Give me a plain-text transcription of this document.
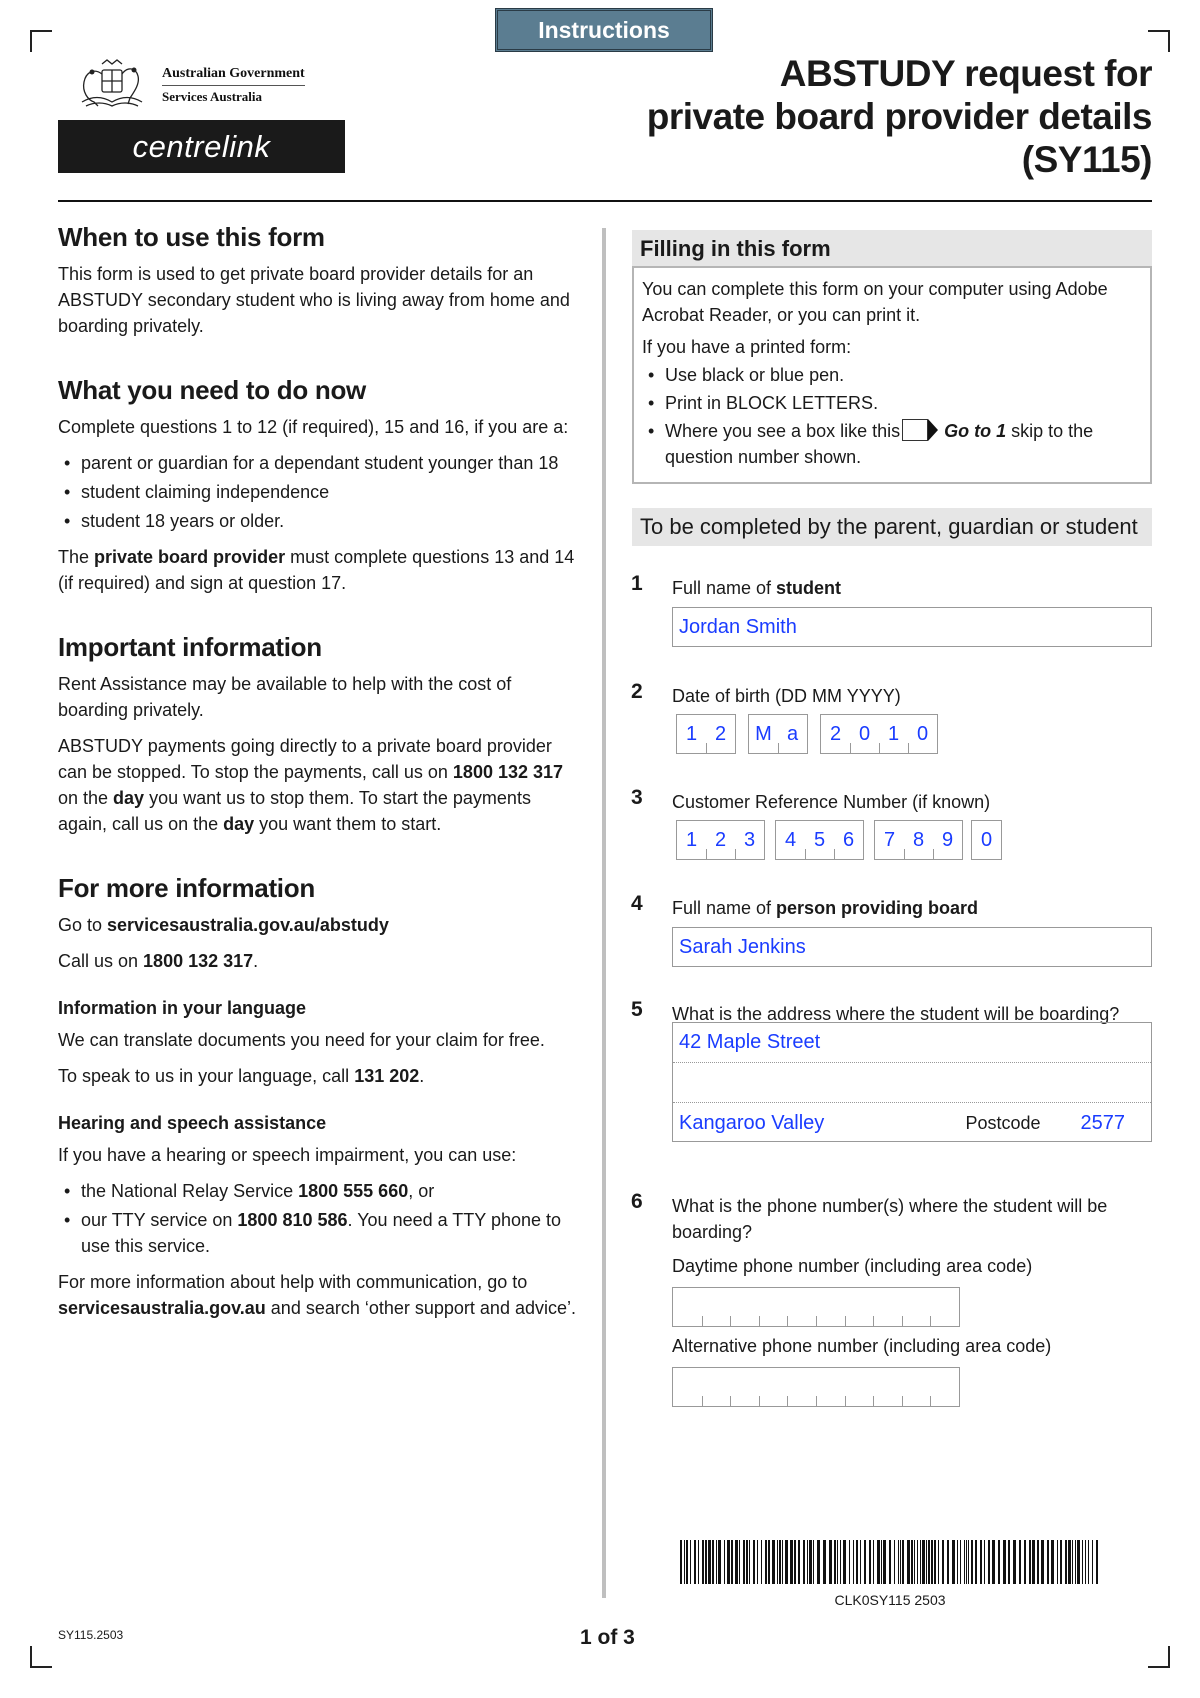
Instructions
Australian Government
Services Australia
centrelink
ABSTUDY request for
private board provider details
(SY115)
When to use this form

This form is used to get private board provider details for an ABSTUDY secondary student who is living away from home and boarding privately.

What you need to do now

Complete questions 1 to 12 (if required), 15 and 16, if you are a:

• parent or guardian for a dependant student younger than 18
• student claiming independence
• student 18 years or older.

The private board provider must complete questions 13 and 14 (if required) and sign at question 17.

Important information

Rent Assistance may be available to help with the cost of boarding privately.

ABSTUDY payments going directly to a private board provider can be stopped. To stop the payments, call us on 1800 132 317 on the day you want us to stop them. To start the payments again, call us on the day you want them to start.

For more information

Go to servicesaustralia.gov.au/abstudy

Call us on 1800 132 317.

Information in your language

We can translate documents you need for your claim for free.

To speak to us in your language, call 131 202.

Hearing and speech assistance

If you have a hearing or speech impairment, you can use:

• the National Relay Service 1800 555 660, or
• our TTY service on 1800 810 586. You need a TTY phone to use this service.

For more information about help with communication, go to servicesaustralia.gov.au and search ‘other support and advice’.

Filling in this form

You can complete this form on your computer using Adobe Acrobat Reader, or you can print it.

If you have a printed form:

• Use black or blue pen.
• Print in BLOCK LETTERS.
• Where you see a box like this Go to 1 skip to the question number shown.
To be completed by the parent, guardian or student
1 Full name of student
Jordan Smith
2 Date of birth (DD MM YYYY)
1 2	M a	2 0 1 0
3 Customer Reference Number (if known)
1 2 3	4 5 6	7 8 9	0
4 Full name of person providing board
Sarah Jenkins
5 What is the address where the student will be boarding?
42 Maple Street
Kangaroo Valley	Postcode 2577
6 What is the phone number(s) where the student will be boarding?
Daytime phone number (including area code)
Alternative phone number (including area code)
CLK0SY115 2503
SY115.2503	1 of 3
